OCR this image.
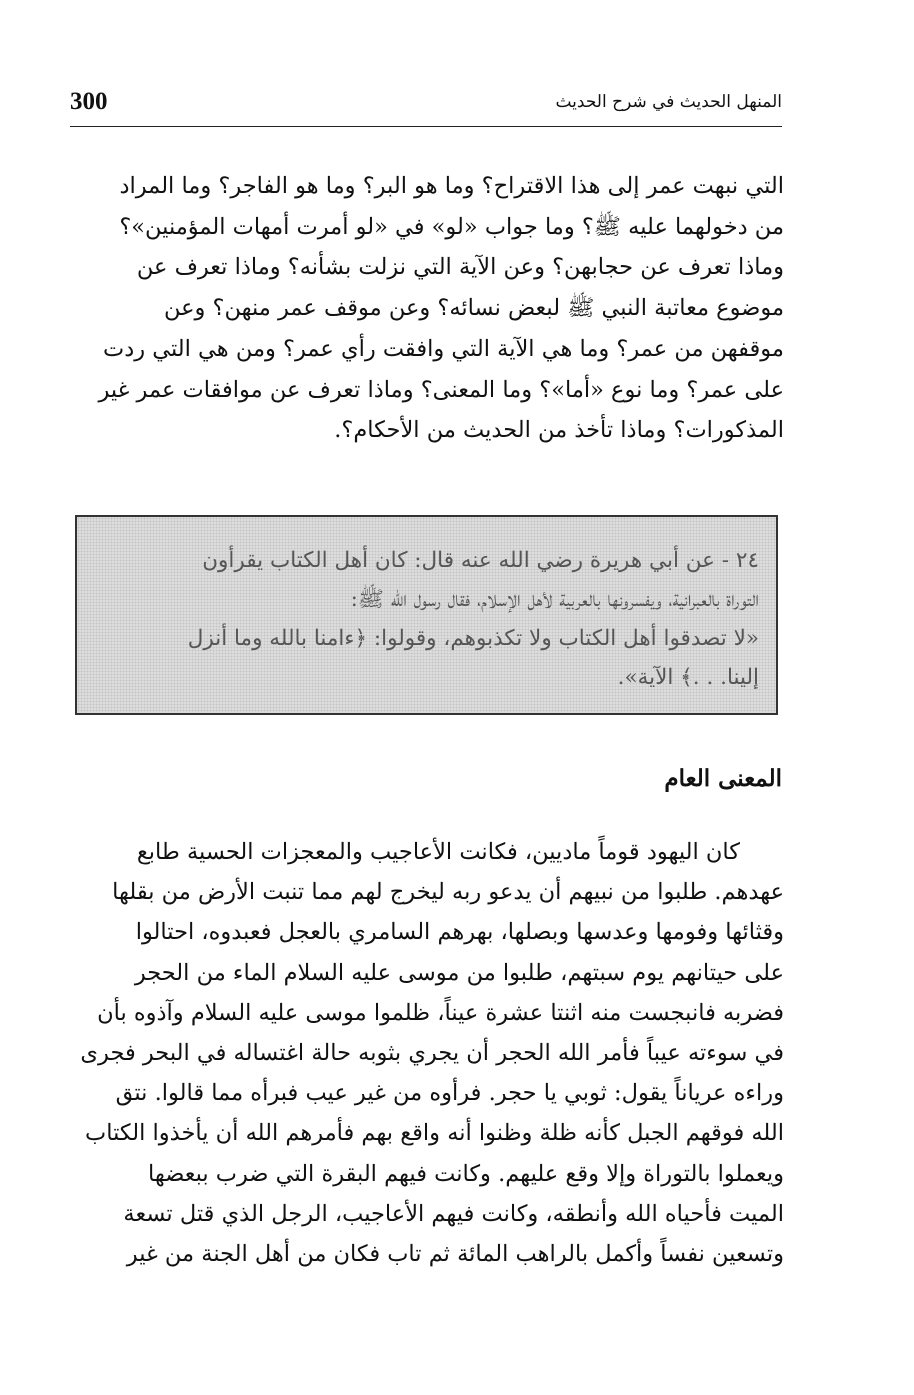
300	المنهل الحديث في شرح الحديث
التي نبهت عمر إلى هذا الاقتراح؟ وما هو البر؟ وما هو الفاجر؟ وما المراد
من دخولهما عليه ﷺ؟ وما جواب «لو» في «لو أمرت أمهات المؤمنين»؟
وماذا تعرف عن حجابهن؟ وعن الآية التي نزلت بشأنه؟ وماذا تعرف عن
موضوع معاتبة النبي ﷺ لبعض نسائه؟ وعن موقف عمر منهن؟ وعن
موقفهن من عمر؟ وما هي الآية التي وافقت رأي عمر؟ ومن هي التي ردت
على عمر؟ وما نوع «أما»؟ وما المعنى؟ وماذا تعرف عن موافقات عمر غير
المذكورات؟ وماذا تأخذ من الحديث من الأحكام؟.
٢٤ - عن أبي هريرة رضي الله عنه قال: كان أهل الكتاب يقرأون
التوراة بالعبرانية، ويفسرونها بالعربية لأهل الإسلام، فقال رسول الله ﷺ:
«لا تصدقوا أهل الكتاب ولا تكذبوهم، وقولوا: ﴿ءامنا بالله وما أنزل
إلينا. . .﴾ الآية».
المعنى العام
كان اليهود قوماً ماديين، فكانت الأعاجيب والمعجزات الحسية طابع
عهدهم. طلبوا من نبيهم أن يدعو ربه ليخرج لهم مما تنبت الأرض من بقلها
وقثائها وفومها وعدسها وبصلها، بهرهم السامري بالعجل فعبدوه، احتالوا
على حيتانهم يوم سبتهم، طلبوا من موسى عليه السلام الماء من الحجر
فضربه فانبجست منه اثنتا عشرة عيناً، ظلموا موسى عليه السلام وآذوه بأن
في سوءته عيباً فأمر الله الحجر أن يجري بثوبه حالة اغتساله في البحر فجرى
وراءه عرياناً يقول: ثوبي يا حجر. فرأوه من غير عيب فبرأه مما قالوا. نتق
الله فوقهم الجبل كأنه ظلة وظنوا أنه واقع بهم فأمرهم الله أن يأخذوا الكتاب
ويعملوا بالتوراة وإلا وقع عليهم. وكانت فيهم البقرة التي ضرب ببعضها
الميت فأحياه الله وأنطقه، وكانت فيهم الأعاجيب، الرجل الذي قتل تسعة
وتسعين نفساً وأكمل بالراهب المائة ثم تاب فكان من أهل الجنة من غير
